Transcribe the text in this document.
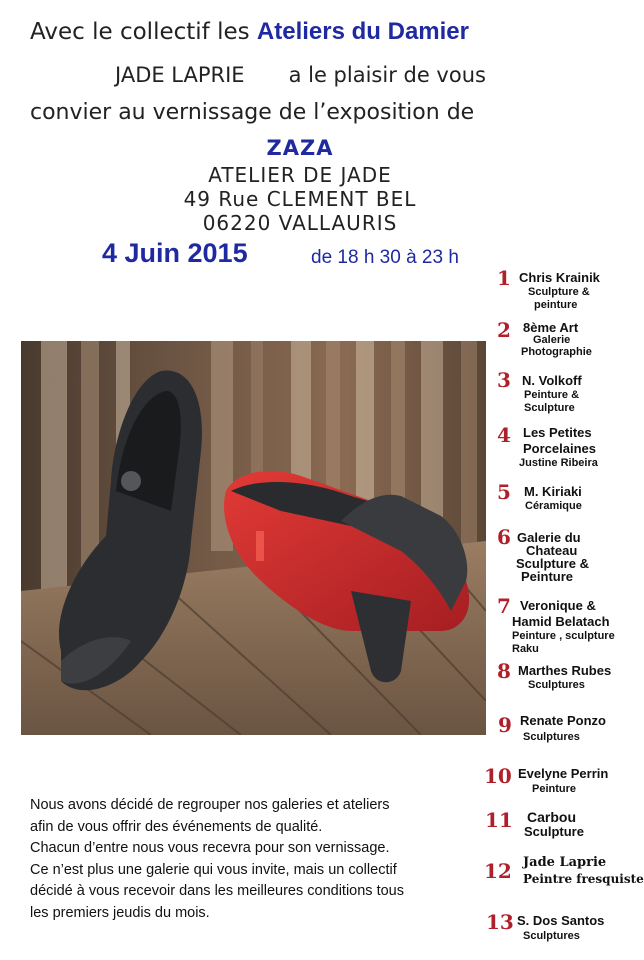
Avec le collectif les Ateliers du Damier
JADE LAPRIE a le plaisir de vous
convier au vernissage de l’exposition de
ZAZA
ATELIER DE JADE
49 Rue CLEMENT BEL
06220 VALLAURIS
4 Juin 2015	de 18 h 30 à 23 h
1 Chris Krainik
Sculpture &
peinture
2 8ème Art
Galerie
Photographie
3 N. Volkoff
Peinture &
Sculpture
4 Les Petites
Porcelaines
Justine Ribeira
5 M. Kiriaki
Céramique
6 Galerie du
Chateau
Sculpture &
Peinture
7 Veronique &
Hamid Belatach
Peinture , sculpture
Raku
8 Marthes Rubes
Sculptures
9 Renate Ponzo
Sculptures
10 Evelyne Perrin
Peinture
11 Carbou
Sculpture
12 Jade Laprie
Peintre fresquiste
13 S. Dos Santos
Sculptures
Nous avons décidé de regrouper nos galeries et ateliers
afin de vous offrir des événements de qualité.
Chacun d’entre nous vous recevra pour son vernissage.
Ce n’est plus une galerie qui vous invite, mais un collectif
décidé à vous recevoir dans les meilleures conditions tous
les premiers jeudis du mois.
